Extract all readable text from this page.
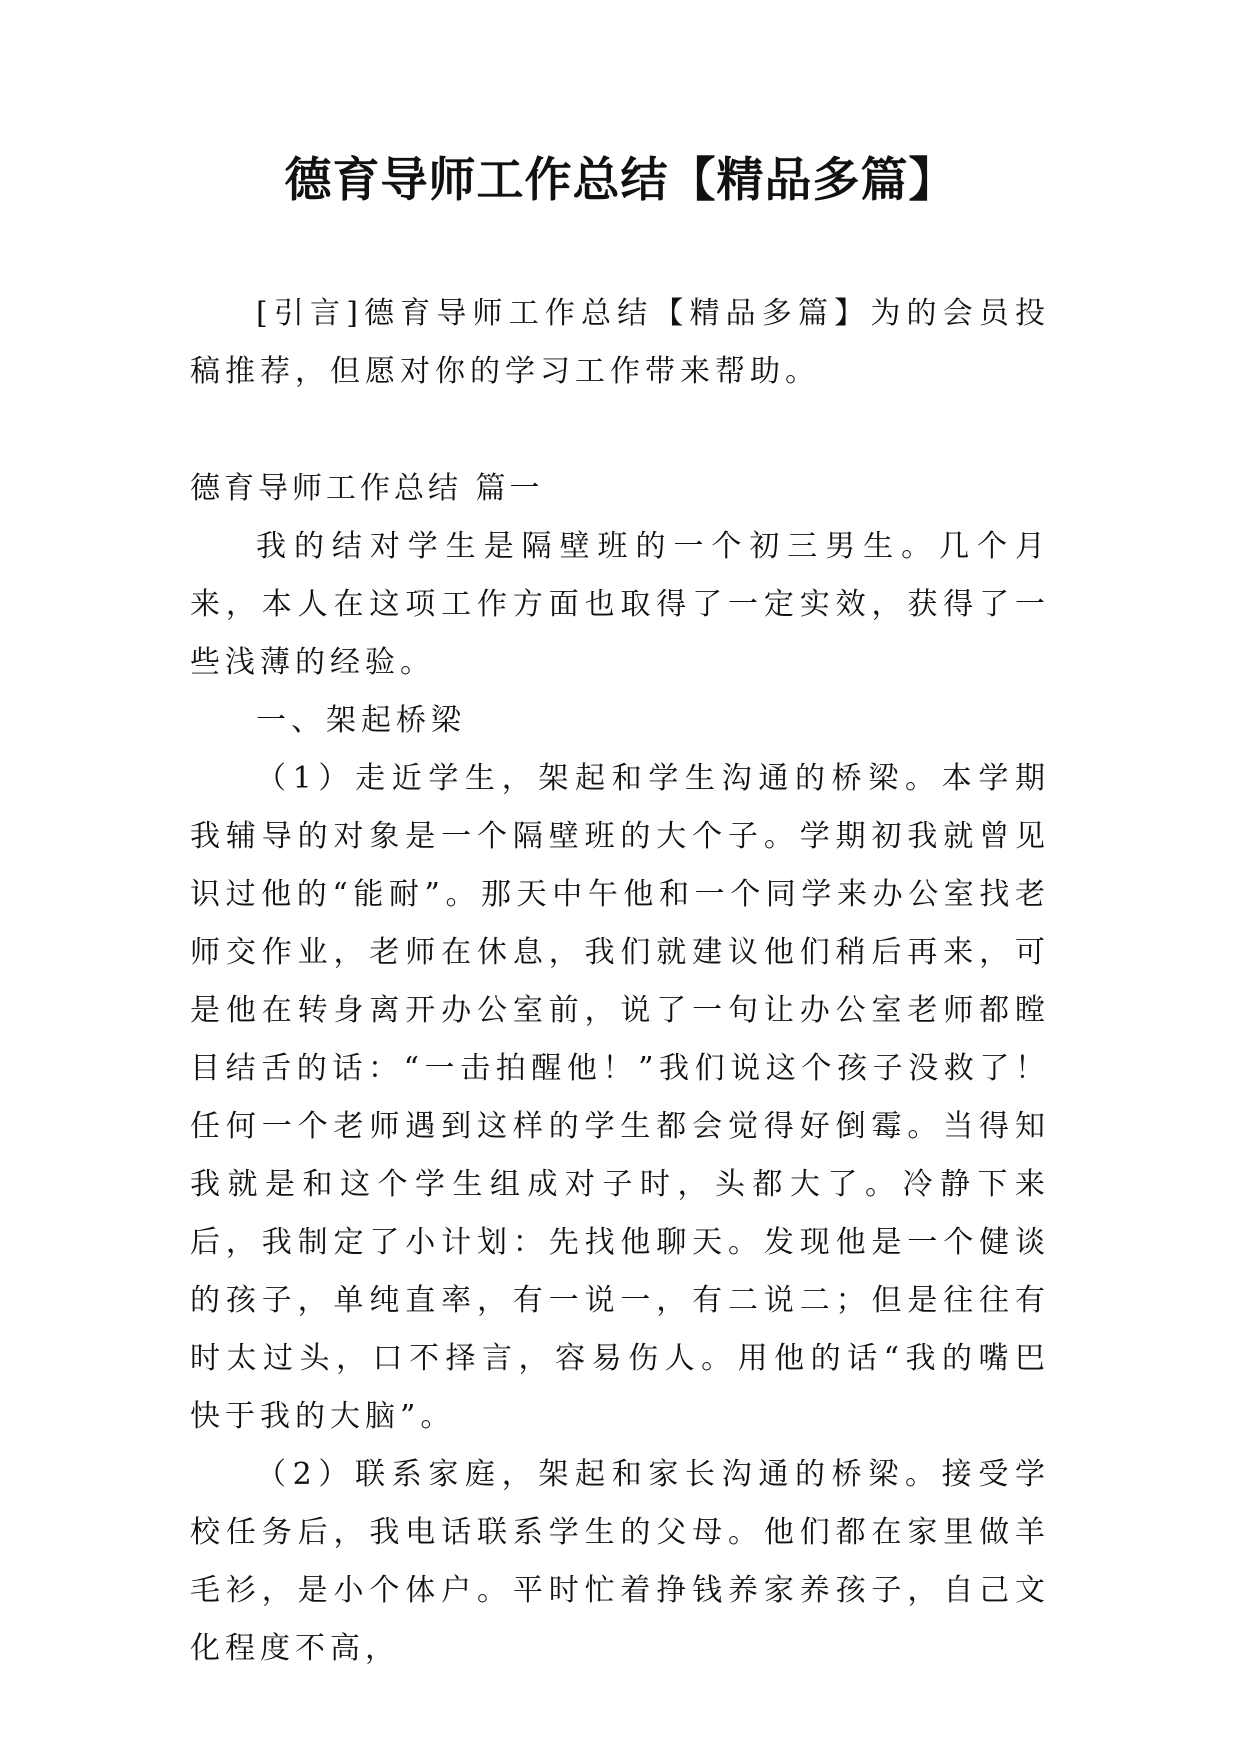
德育导师工作总结【精品多篇】

[引言]德育导师工作总结【精品多篇】为的会员投稿推荐，但愿对你的学习工作带来帮助。

德育导师工作总结 篇一

我的结对学生是隔壁班的一个初三男生。几个月来，本人在这项工作方面也取得了一定实效，获得了一些浅薄的经验。

一、架起桥梁

（1）走近学生，架起和学生沟通的桥梁。本学期我辅导的对象是一个隔壁班的大个子。学期初我就曾见识过他的“能耐”。那天中午他和一个同学来办公室找老师交作业，老师在休息，我们就建议他们稍后再来，可是他在转身离开办公室前，说了一句让办公室老师都瞠目结舌的话：“一击拍醒他！”我们说这个孩子没救了！任何一个老师遇到这样的学生都会觉得好倒霉。当得知我就是和这个学生组成对子时，头都大了。冷静下来后，我制定了小计划：先找他聊天。发现他是一个健谈的孩子，单纯直率，有一说一，有二说二；但是往往有时太过头，口不择言，容易伤人。用他的话“我的嘴巴快于我的大脑”。

（2）联系家庭，架起和家长沟通的桥梁。接受学校任务后，我电话联系学生的父母。他们都在家里做羊毛衫，是小个体户。平时忙着挣钱养家养孩子，自己文化程度不高，
